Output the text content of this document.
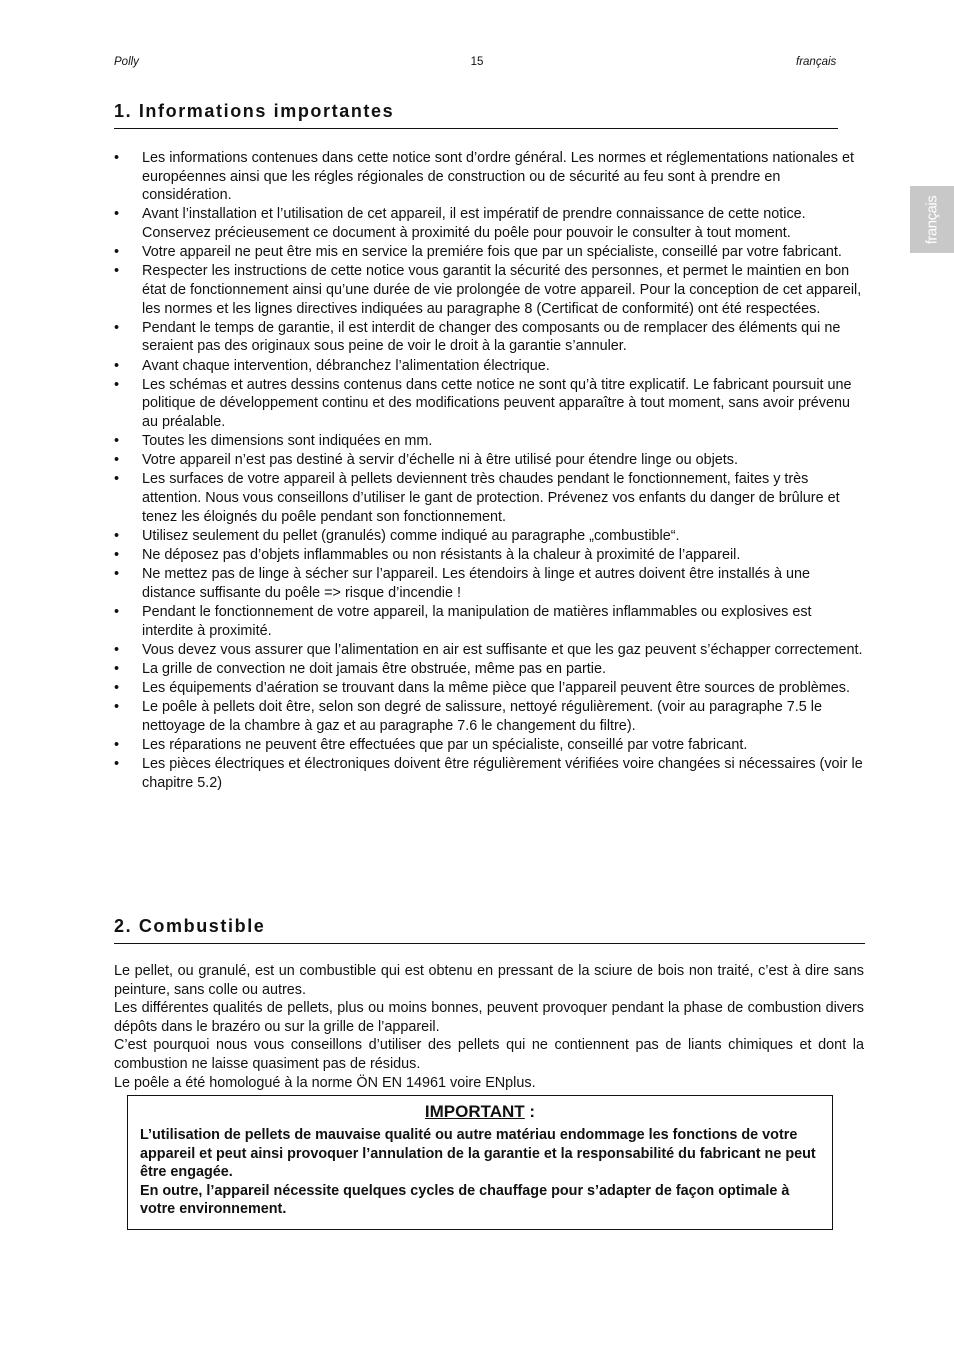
Polly	15	français
français
1. Informations importantes
• Les informations contenues dans cette notice sont d’ordre général. Les normes et réglementations nationales et européennes ainsi que les régles régionales de construction ou de sécurité au feu sont à prendre en considération.
• Avant l’installation et l’utilisation de cet appareil, il est impératif de prendre connaissance de cette notice. Conservez précieusement ce document à proximité du poêle pour pouvoir le consulter à tout moment.
• Votre appareil ne peut être mis en service la premiére fois que par un spécialiste, conseillé par votre fabricant.
• Respecter les instructions de cette notice vous garantit la sécurité des personnes, et permet le maintien en bon état de fonctionnement ainsi qu’une durée de vie prolongée de votre appareil. Pour la conception de cet appareil, les normes et les lignes directives indiquées au paragraphe 8 (Certificat de conformité) ont été respectées.
• Pendant le temps de garantie, il est interdit de changer des composants ou de remplacer des éléments qui ne seraient pas des originaux sous peine de voir le droit à la garantie s’annuler.
• Avant chaque intervention, débranchez l’alimentation électrique.
• Les schémas et autres dessins contenus dans cette notice ne sont qu’à titre explicatif. Le fabricant poursuit une politique de développement continu et des modifications peuvent apparaître à tout moment, sans avoir prévenu au préalable.
• Toutes les dimensions sont indiquées en mm.
• Votre appareil n’est pas destiné à servir d’échelle ni à être utilisé pour étendre linge ou objets.
• Les surfaces de votre appareil à pellets deviennent très chaudes pendant le fonctionnement, faites y très attention. Nous vous conseillons d’utiliser le gant de protection. Prévenez vos enfants du danger de brûlure et tenez les éloignés du poêle pendant son fonctionnement.
• Utilisez seulement du pellet (granulés) comme indiqué au paragraphe „combustible“.
• Ne déposez pas d’objets inflammables ou non résistants à la chaleur à proximité de l’appareil.
• Ne mettez pas de linge à sécher sur l’appareil. Les étendoirs à linge et autres doivent être installés à une distance suffisante du poêle => risque d’incendie !
• Pendant le fonctionnement de votre appareil, la manipulation de matières inflammables ou explosives est interdite à proximité.
• Vous devez vous assurer que l’alimentation en air est suffisante et que les gaz peuvent s’échapper correctement.
• La grille de convection ne doit jamais être obstruée, même pas en partie.
• Les équipements d’aération se trouvant dans la même pièce que l’appareil peuvent être sources de problèmes.
• Le poêle à pellets doit être, selon son degré de salissure, nettoyé régulièrement. (voir au paragraphe 7.5 le nettoyage de la chambre à gaz et au paragraphe 7.6 le changement du filtre).
• Les réparations ne peuvent être effectuées que par un spécialiste, conseillé par votre fabricant.
• Les pièces électriques et électroniques doivent être régulièrement vérifiées voire changées si nécessaires (voir le chapitre 5.2)
2. Combustible

Le pellet, ou granulé, est un combustible qui est obtenu en pressant de la sciure de bois non traité, c’est à dire sans peinture, sans colle ou autres.

Les différentes qualités de pellets, plus ou moins bonnes, peuvent provoquer pendant la phase de combustion divers dépôts dans le brazéro ou sur la grille de l’appareil.

C’est pourquoi nous vous conseillons d’utiliser des pellets qui ne contiennent pas de liants chimiques et dont la combustion ne laisse quasiment pas de résidus.

Le poêle a été homologué à la norme ÖN EN 14961 voire ENplus.

IMPORTANT :

L’utilisation de pellets de mauvaise qualité ou autre matériau endommage les fonctions de votre appareil et peut ainsi provoquer l’annulation de la garantie et la responsabilité du fabricant ne peut être engagée.

En outre, l’appareil nécessite quelques cycles de chauffage pour s’adapter de façon optimale à votre environnement.
